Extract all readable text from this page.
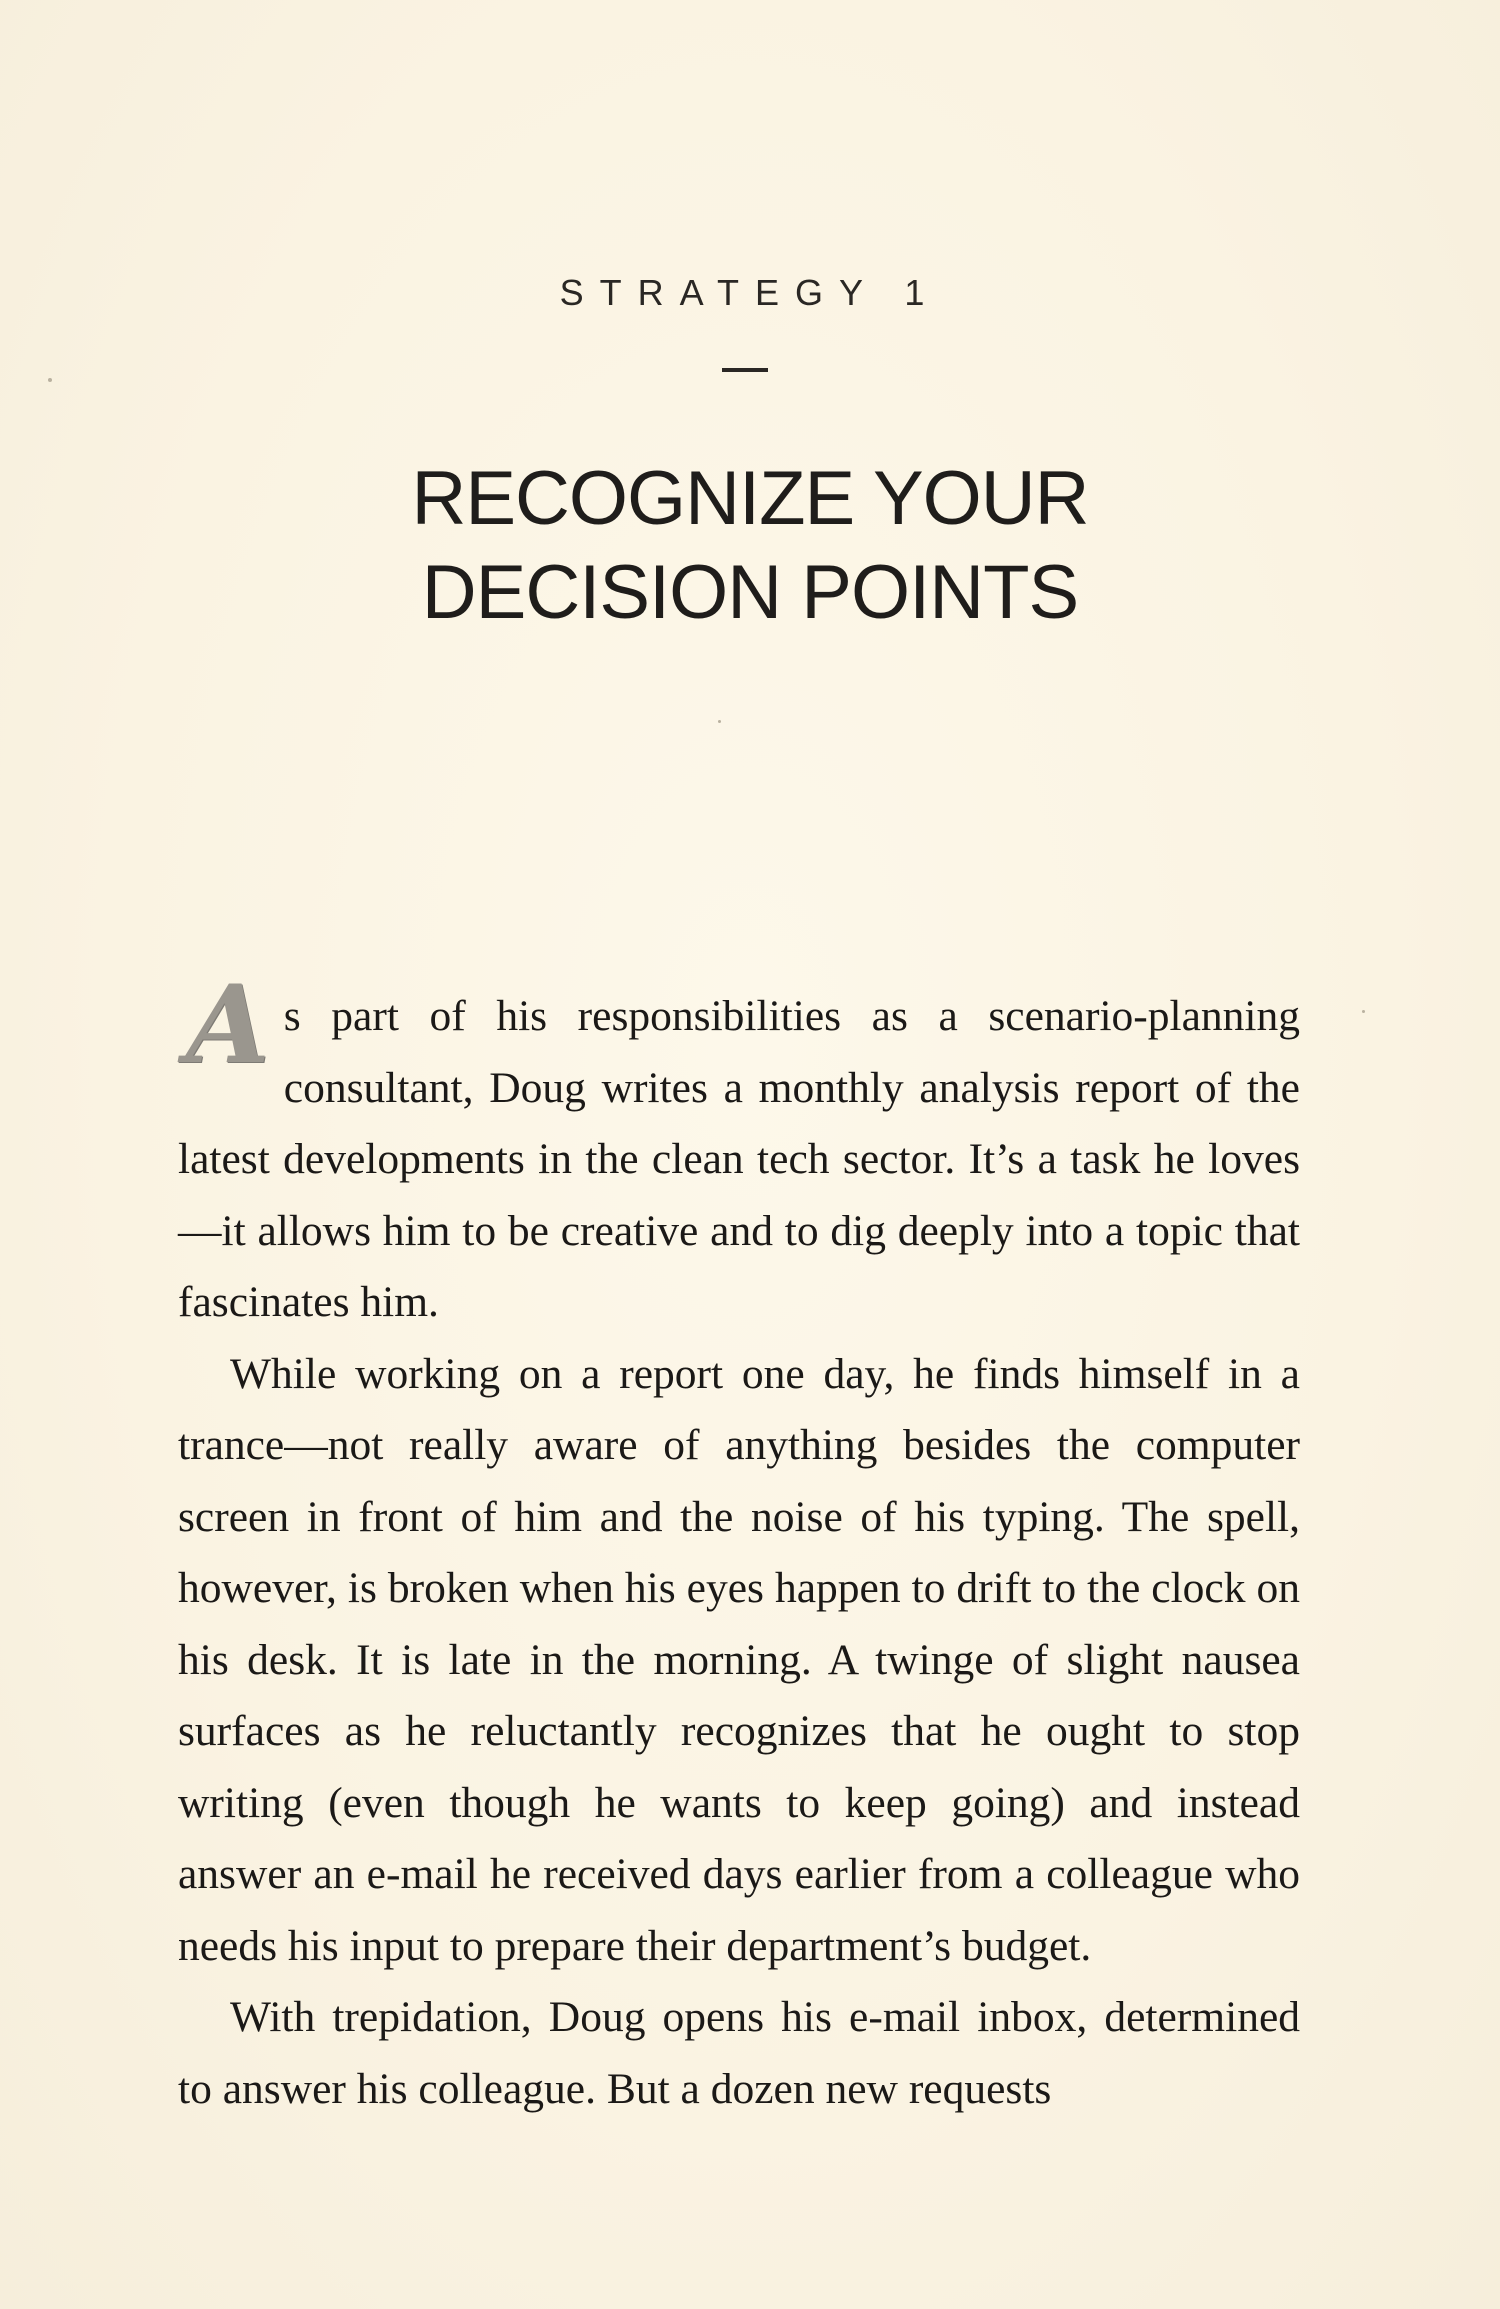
STRATEGY 1
RECOGNIZE YOUR
DECISION POINTS

As part of his responsibilities as a scenario-planning consultant, Doug writes a monthly analysis report of the latest developments in the clean tech sector. It’s a task he loves—it allows him to be creative and to dig deeply into a topic that fascinates him.

While working on a report one day, he finds himself in a trance—not really aware of anything besides the computer screen in front of him and the noise of his typing. The spell, however, is broken when his eyes happen to drift to the clock on his desk. It is late in the morning. A twinge of slight nausea surfaces as he reluctantly recognizes that he ought to stop writing (even though he wants to keep going) and instead answer an e-mail he received days earlier from a colleague who needs his input to prepare their department’s budget.

With trepidation, Doug opens his e-mail inbox, determined to answer his colleague. But a dozen new requests
